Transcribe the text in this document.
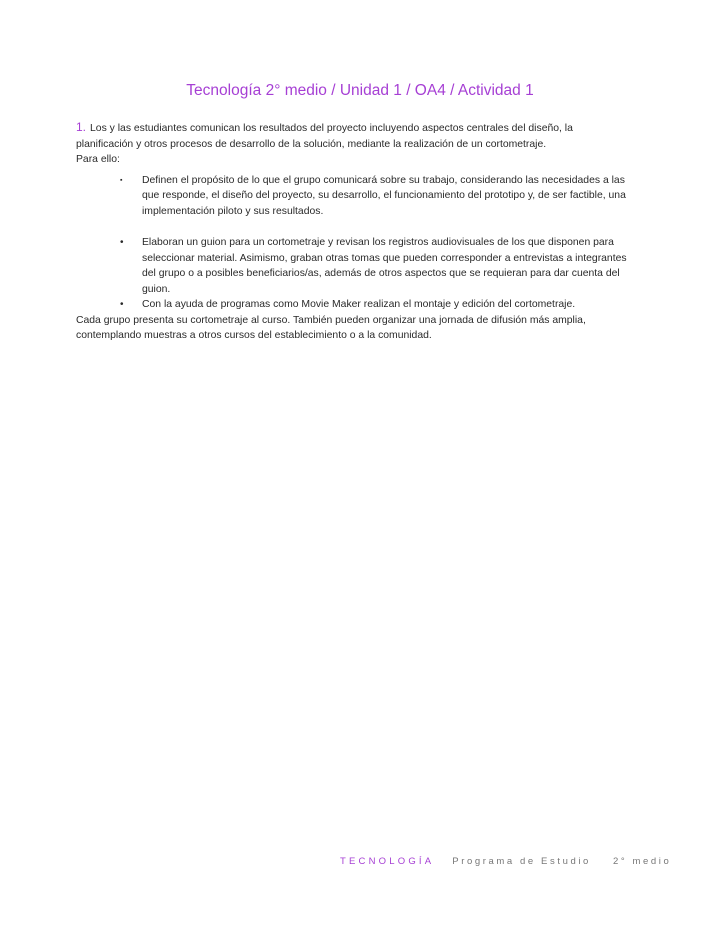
Tecnología 2° medio / Unidad 1 / OA4 / Actividad 1

1. Los y las estudiantes comunican los resultados del proyecto incluyendo aspectos centrales del diseño, la planificación y otros procesos de desarrollo de la solución, mediante la realización de un cortometraje.

Para ello:

▪ Definen el propósito de lo que el grupo comunicará sobre su trabajo, considerando las necesidades a las que responde, el diseño del proyecto, su desarrollo, el funcionamiento del prototipo y, de ser factible, una implementación piloto y sus resultados.
• Elaboran un guion para un cortometraje y revisan los registros audiovisuales de los que disponen para seleccionar material. Asimismo, graban otras tomas que pueden corresponder a entrevistas a integrantes del grupo o a posibles beneficiarios/as, además de otros aspectos que se requieran para dar cuenta del guion.
• Con la ayuda de programas como Movie Maker realizan el montaje y edición del cortometraje.

Cada grupo presenta su cortometraje al curso. También pueden organizar una jornada de difusión más amplia, contemplando muestras a otros cursos del establecimiento o a la comunidad.

TECNOLOGÍA Programa de Estudio 2° medio
